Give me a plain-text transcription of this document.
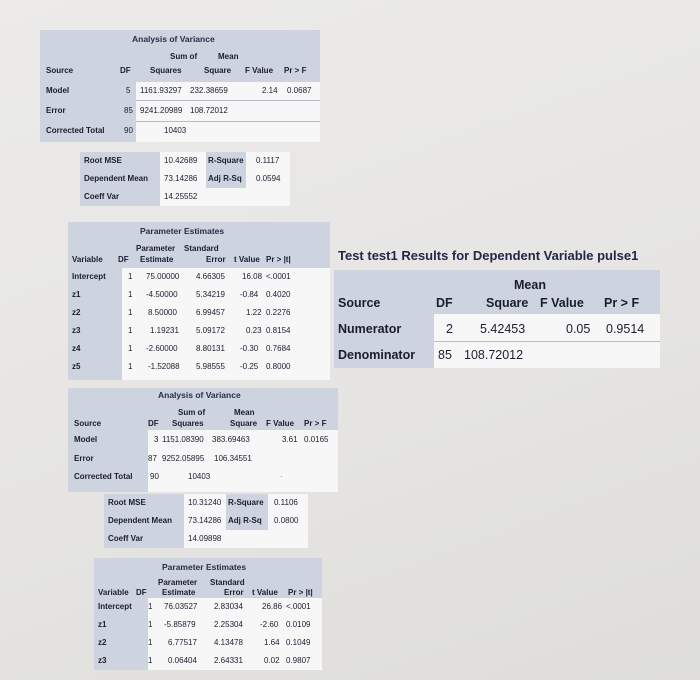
Analysis of Variance
Sum of	Mean
Source	DF Squares	Square F Value Pr > F
Model	5 1161.93297 232.38659	2.14 0.0687
Error	85 9241.20989 108.72012
Corrected Total 90	10403
Root MSE	10.42689 R-Square 0.1117
Dependent Mean 73.14286 Adj R-Sq 0.0594
Coeff Var	14.25552
Parameter Estimates
Parameter Standard
Variable DF Estimate	Error t Value Pr > |t|
Intercept	1 75.00000 4.66305 16.08 <.0001
z1	1 -4.50000 5.34219 -0.84 0.4020
z2	1 8.50000 6.99457	1.22 0.2276
z3	1 1.19231 5.09172	0.23 0.8154
z4	1 -2.60000 8.80131 -0.30 0.7684
z5	1 -1.52088 5.98555 -0.25 0.8000
Analysis of Variance
Sum of	Mean
Source	DF Squares	Square F Value Pr > F
Model	3 1151.08390 383.69463	3.61 0.0165
Error	87 9252.05895 106.34551
Corrected Total 90	10403	·
Root MSE	10.31240 R-Square 0.1106
Dependent Mean 73.14286 Adj R-Sq 0.0800
Coeff Var	14.09898
Parameter Estimates
Parameter Standard
Variable DF Estimate	Error t Value Pr > |t|
Intercept 1 76.03527 2.83034 26.86 <.0001
z1	1 -5.85879 2.25304 -2.60 0.0109
z2	1 6.77517 4.13478	1.64 0.1049
z3	1 0.06404 2.64331	0.02 0.9807
Test test1 Results for Dependent Variable pulse1
Mean
Source	DF	Square F Value Pr > F
Numerator	2 5.42453	0.05 0.9514
Denominator 85 108.72012
